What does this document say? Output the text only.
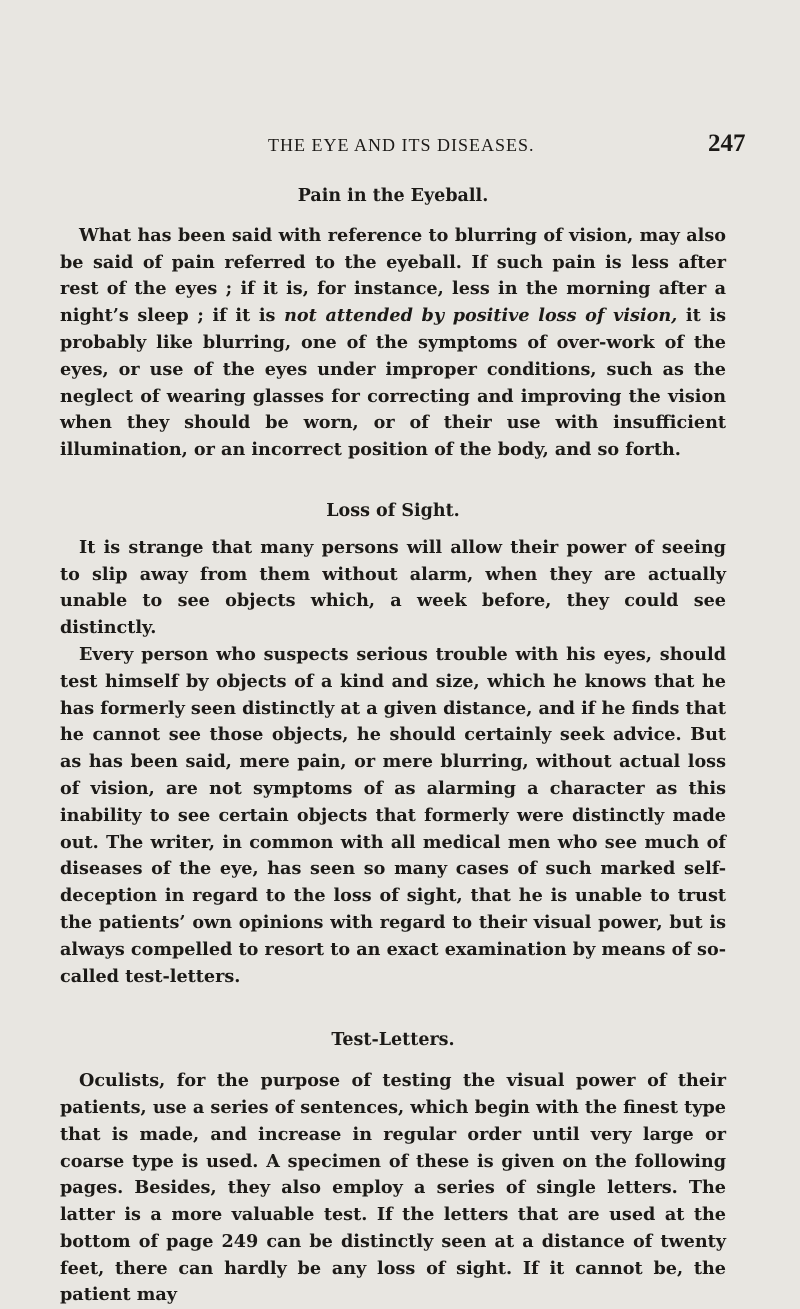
THE EYE AND ITS DISEASES.	247
Pain in the Eyeball.

What has been said with reference to blurring of vision, may also be said of pain referred to the eyeball. If such pain is less after rest of the eyes ; if it is, for instance, less in the morning after a night’s sleep ; if it is not attended by positive loss of vision, it is probably like blurring, one of the symptoms of over-work of the eyes, or use of the eyes under improper conditions, such as the neglect of wearing glasses for correcting and improving the vision when they should be worn, or of their use with insufficient illumination, or an incorrect position of the body, and so forth.

Loss of Sight.

It is strange that many persons will allow their power of seeing to slip away from them without alarm, when they are actually unable to see objects which, a week before, they could see distinctly.

Every person who suspects serious trouble with his eyes, should test himself by objects of a kind and size, which he knows that he has formerly seen distinctly at a given distance, and if he finds that he cannot see those objects, he should certainly seek advice. But as has been said, mere pain, or mere blurring, without actual loss of vision, are not symptoms of as alarming a character as this inability to see certain objects that formerly were distinctly made out. The writer, in common with all medical men who see much of diseases of the eye, has seen so many cases of such marked self-deception in regard to the loss of sight, that he is unable to trust the patients’ own opinions with regard to their visual power, but is always compelled to resort to an exact examination by means of so-called test-letters.

Test-Letters.

Oculists, for the purpose of testing the visual power of their patients, use a series of sentences, which begin with the finest type that is made, and increase in regular order until very large or coarse type is used. A specimen of these is given on the following pages. Besides, they also employ a series of single letters. The latter is a more valuable test. If the letters that are used at the bottom of page 249 can be distinctly seen at a distance of twenty feet, there can hardly be any loss of sight. If it cannot be, the patient may
